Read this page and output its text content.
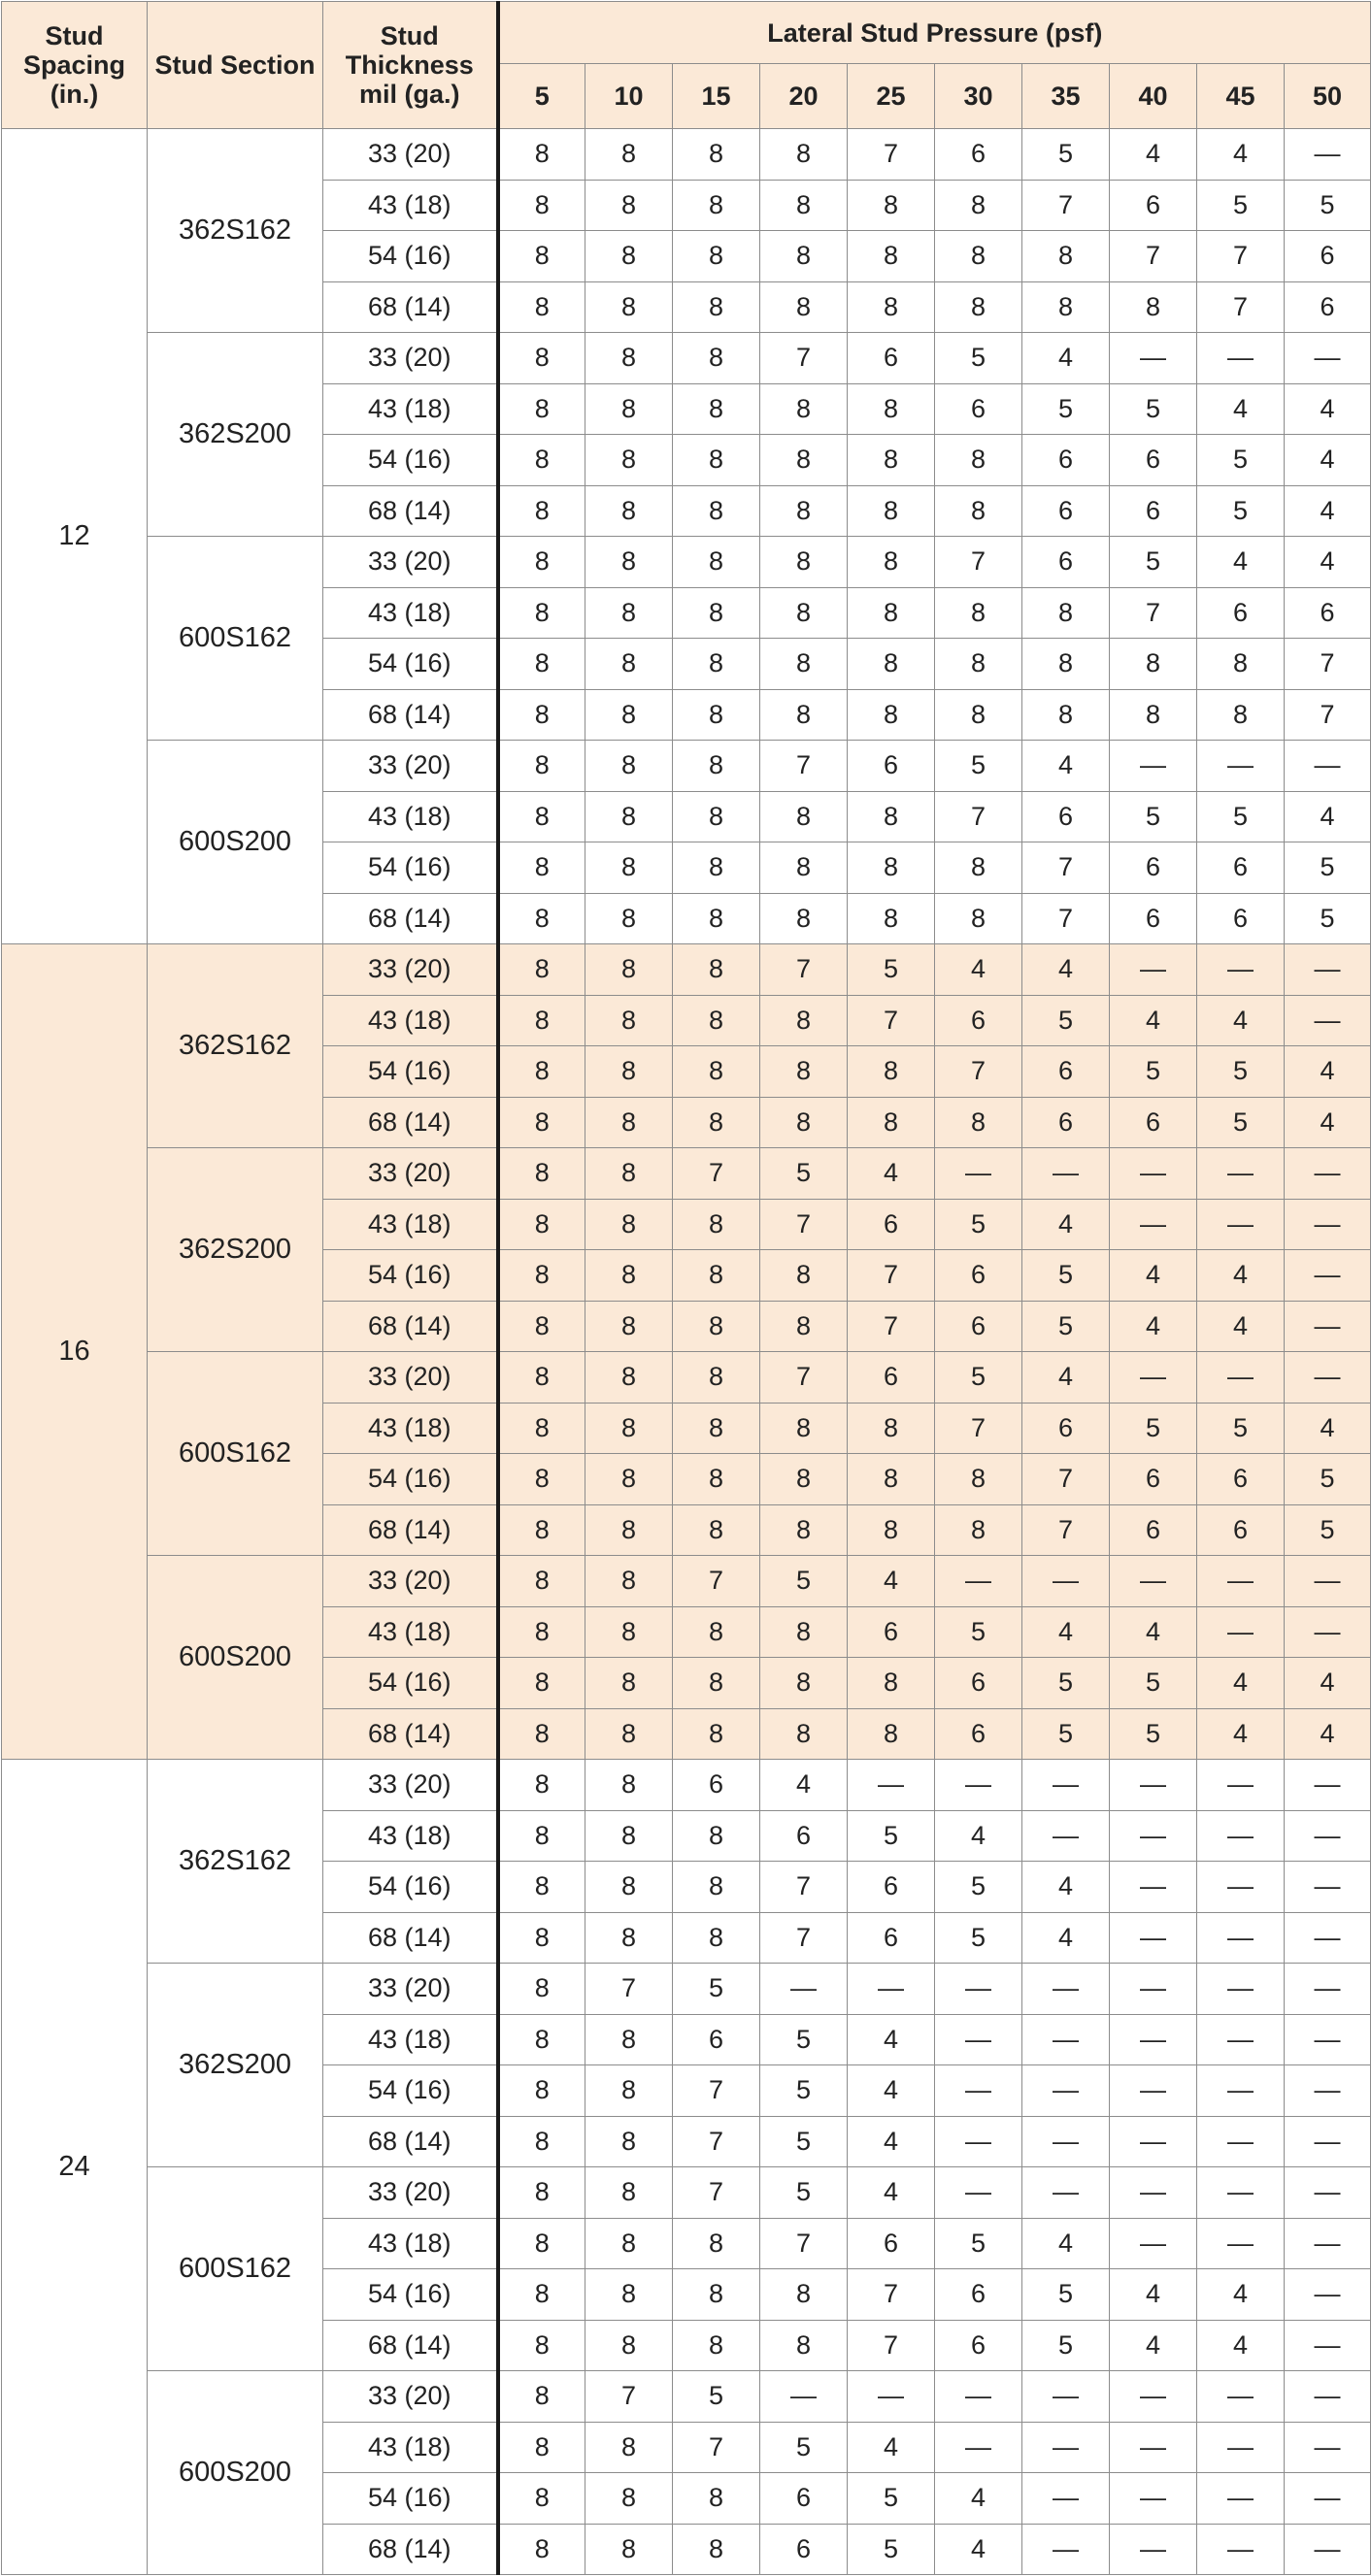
Stud Spacing (in.)	Stud Section	Stud Thickness mil (ga.)	Lateral Stud Pressure (psf)									
			5	10	15	20	25	30	35	40	45	50
12	362S162	33 (20)	8	8	8	8	7	6	5	4	4	—
		43 (18)	8	8	8	8	8	8	7	6	5	5
		54 (16)	8	8	8	8	8	8	8	7	7	6
		68 (14)	8	8	8	8	8	8	8	8	7	6
	362S200	33 (20)	8	8	8	7	6	5	4	—	—	—
		43 (18)	8	8	8	8	8	6	5	5	4	4
		54 (16)	8	8	8	8	8	8	6	6	5	4
		68 (14)	8	8	8	8	8	8	6	6	5	4
	600S162	33 (20)	8	8	8	8	8	7	6	5	4	4
		43 (18)	8	8	8	8	8	8	8	7	6	6
		54 (16)	8	8	8	8	8	8	8	8	8	7
		68 (14)	8	8	8	8	8	8	8	8	8	7
	600S200	33 (20)	8	8	8	7	6	5	4	—	—	—
		43 (18)	8	8	8	8	8	7	6	5	5	4
		54 (16)	8	8	8	8	8	8	7	6	6	5
		68 (14)	8	8	8	8	8	8	7	6	6	5
16	362S162	33 (20)	8	8	8	7	5	4	4	—	—	—
		43 (18)	8	8	8	8	7	6	5	4	4	—
		54 (16)	8	8	8	8	8	7	6	5	5	4
		68 (14)	8	8	8	8	8	8	6	6	5	4
	362S200	33 (20)	8	8	7	5	4	—	—	—	—	—
		43 (18)	8	8	8	7	6	5	4	—	—	—
		54 (16)	8	8	8	8	7	6	5	4	4	—
		68 (14)	8	8	8	8	7	6	5	4	4	—
	600S162	33 (20)	8	8	8	7	6	5	4	—	—	—
		43 (18)	8	8	8	8	8	7	6	5	5	4
		54 (16)	8	8	8	8	8	8	7	6	6	5
		68 (14)	8	8	8	8	8	8	7	6	6	5
	600S200	33 (20)	8	8	7	5	4	—	—	—	—	—
		43 (18)	8	8	8	8	6	5	4	4	—	—
		54 (16)	8	8	8	8	8	6	5	5	4	4
		68 (14)	8	8	8	8	8	6	5	5	4	4
24	362S162	33 (20)	8	8	6	4	—	—	—	—	—	—
		43 (18)	8	8	8	6	5	4	—	—	—	—
		54 (16)	8	8	8	7	6	5	4	—	—	—
		68 (14)	8	8	8	7	6	5	4	—	—	—
	362S200	33 (20)	8	7	5	—	—	—	—	—	—	—
		43 (18)	8	8	6	5	4	—	—	—	—	—
		54 (16)	8	8	7	5	4	—	—	—	—	—
		68 (14)	8	8	7	5	4	—	—	—	—	—
	600S162	33 (20)	8	8	7	5	4	—	—	—	—	—
		43 (18)	8	8	8	7	6	5	4	—	—	—
		54 (16)	8	8	8	8	7	6	5	4	4	—
		68 (14)	8	8	8	8	7	6	5	4	4	—
	600S200	33 (20)	8	7	5	—	—	—	—	—	—	—
		43 (18)	8	8	7	5	4	—	—	—	—	—
		54 (16)	8	8	8	6	5	4	—	—	—	—
		68 (14)	8	8	8	6	5	4	—	—	—	—
